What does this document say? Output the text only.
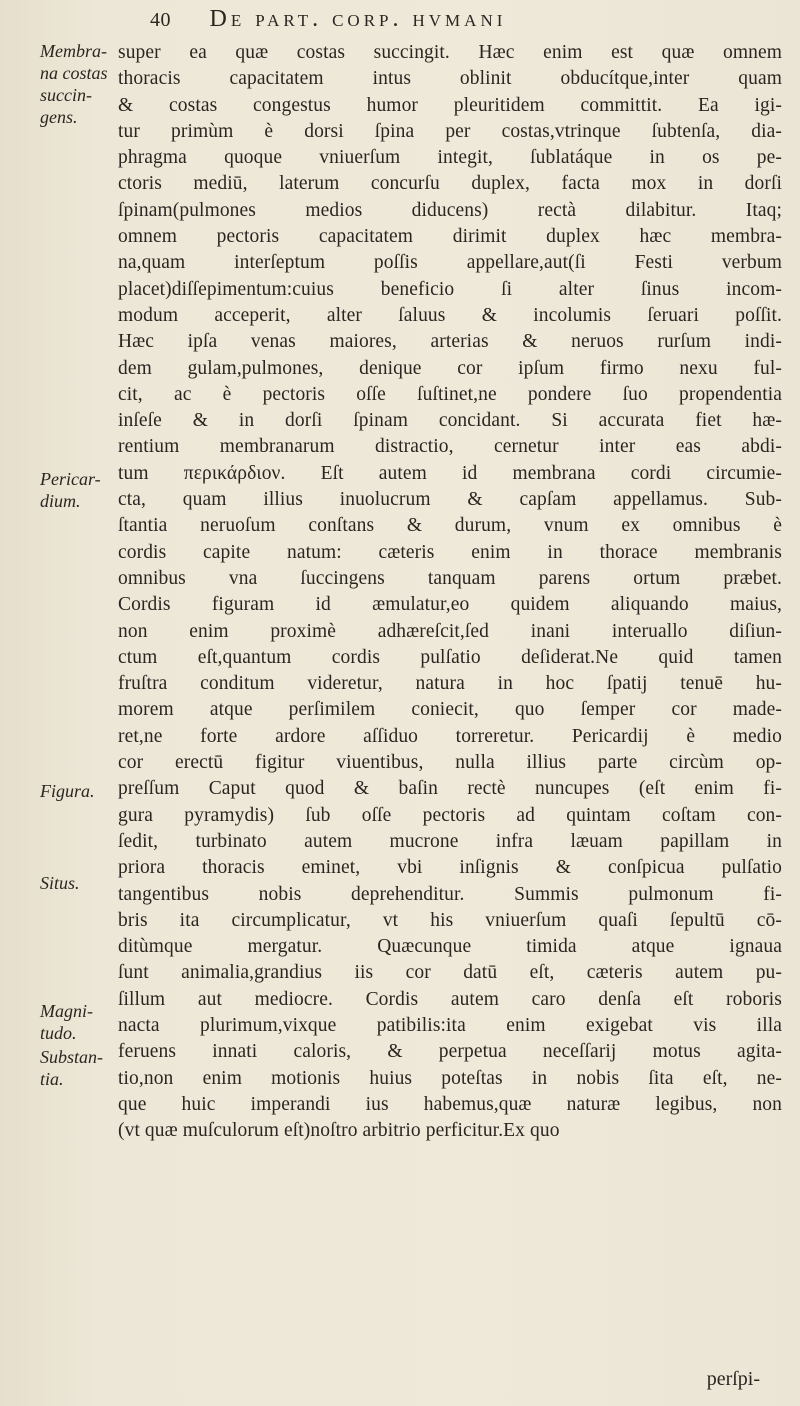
40 De part. corp. hvmani
Membra-
na costas
succin-
gens.
Pericar-
dium.
Figura.
Situs.
Magni-
tudo.
Substan-
tia.
super ea quæ costas succingit. Hæc enim est quæ omnem
thoracis capacitatem intus oblinit obducítque,inter quam
& costas congestus humor pleuritidem committit. Ea igi-
tur primùm è dorsi ſpina per costas,vtrinque ſubtenſa, dia-
phragma quoque vniuerſum integit, ſublatáque in os pe-
ctoris mediū, laterum concurſu duplex, facta mox in dorſi
ſpinam(pulmones medios diducens) rectà dilabitur. Itaq;
omnem pectoris capacitatem dirimit duplex hæc membra-
na,quam interſeptum poſſis appellare,aut(ſi Festi verbum
placet)diſſepimentum:cuius beneficio ſi alter ſinus incom-
modum acceperit, alter ſaluus & incolumis ſeruari poſſit.
Hæc ipſa venas maiores, arterias & neruos rurſum indi-
dem gulam,pulmones, denique cor ipſum firmo nexu ful-
cit, ac è pectoris oſſe ſuſtinet,ne pondere ſuo propendentia
inſeſe & in dorſi ſpinam concidant. Si accurata fiet hæ-
rentium membranarum distractio, cernetur inter eas abdi-
tum περικάρδιον. Eſt autem id membrana cordi circumie-
cta, quam illius inuolucrum & capſam appellamus. Sub-
ſtantia neruoſum conſtans & durum, vnum ex omnibus è
cordis capite natum: cæteris enim in thorace membranis
omnibus vna ſuccingens tanquam parens ortum præbet.
Cordis figuram id æmulatur,eo quidem aliquando maius,
non enim proximè adhæreſcit,ſed inani interuallo diſiun-
ctum eſt,quantum cordis pulſatio deſiderat.Ne quid tamen
fruſtra conditum videretur, natura in hoc ſpatij tenuē hu-
morem atque perſimilem coniecit, quo ſemper cor made-
ret,ne forte ardore aſſiduo torreretur. Pericardij è medio
cor erectū figitur viuentibus, nulla illius parte circùm op-
preſſum Caput quod & baſin rectè nuncupes (eſt enim fi-
gura pyramydis) ſub oſſe pectoris ad quintam coſtam con-
ſedit, turbinato autem mucrone infra læuam papillam in
priora thoracis eminet, vbi inſignis & conſpicua pulſatio
tangentibus nobis deprehenditur. Summis pulmonum fi-
bris ita circumplicatur, vt his vniuerſum quaſi ſepultū cō-
ditùmque mergatur. Quæcunque timida atque ignaua
ſunt animalia,grandius iis cor datū eſt, cæteris autem pu-
ſillum aut mediocre. Cordis autem caro denſa eſt roboris
nacta plurimum,vixque patibilis:ita enim exigebat vis illa
feruens innati caloris, & perpetua neceſſarij motus agita-
tio,non enim motionis huius poteſtas in nobis ſita eſt, ne-
que huic imperandi ius habemus,quæ naturæ legibus, non
(vt quæ muſculorum eſt)noſtro arbitrio perficitur.Ex quo
perſpi-
